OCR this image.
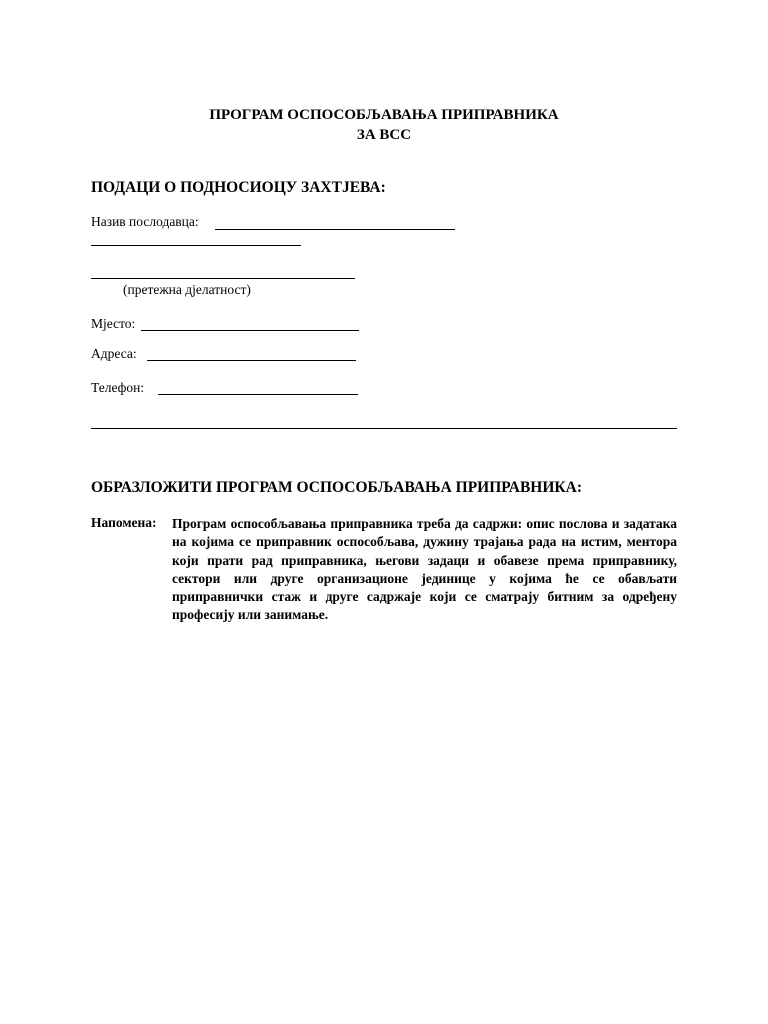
ПРОГРАМ ОСПОСОБЉАВАЊА ПРИПРАВНИКА
ЗА ВСС
ПОДАЦИ О ПОДНОСИОЦУ ЗАХТЈЕВА:
Назив послодавца:
(претежна дјелатност)
Мјесто:
Адреса:
Телефон:
ОБРАЗЛОЖИТИ ПРОГРАМ ОСПОСОБЉАВАЊА ПРИПРАВНИКА:
Напомена: Програм оспособљавања приправника треба да садржи: опис послова и задатака на којима се приправник оспособљава, дужину трајања рада на истим, ментора који прати рад приправника, његови задаци и обавезе према приправнику, сектори или друге организационе јединице у којима ће се обављати приправнички стаж и друге садржаје који се сматрају битним за одређену професију или занимање.
